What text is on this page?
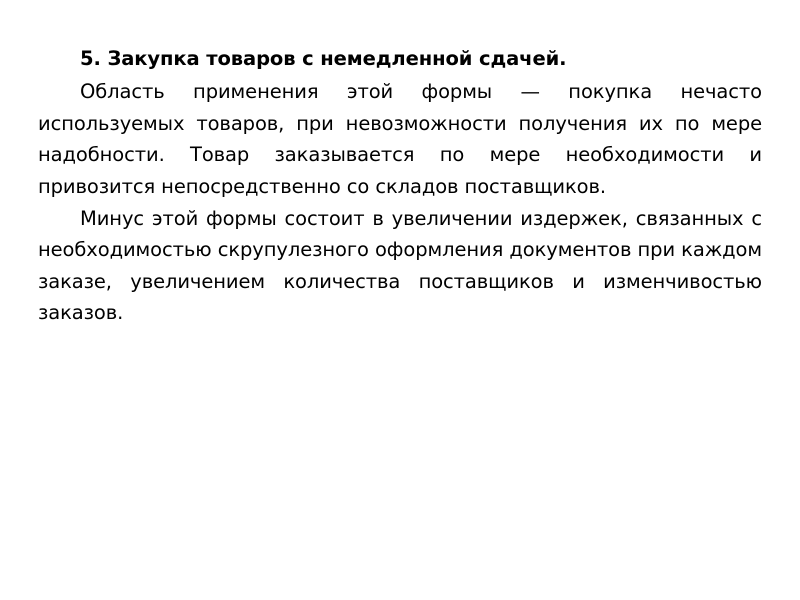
5. Закупка товаров с немедленной сдачей.

Область применения этой формы — покупка нечасто используемых товаров, при невозможности получения их по мере надобности. Товар заказывается по мере необходимости и привозится непосредственно со складов поставщиков.

Минус этой формы состоит в увеличении издержек, связанных с необходимостью скрупулезного оформления документов при каждом заказе, увеличением количества поставщиков и изменчивостью заказов.
